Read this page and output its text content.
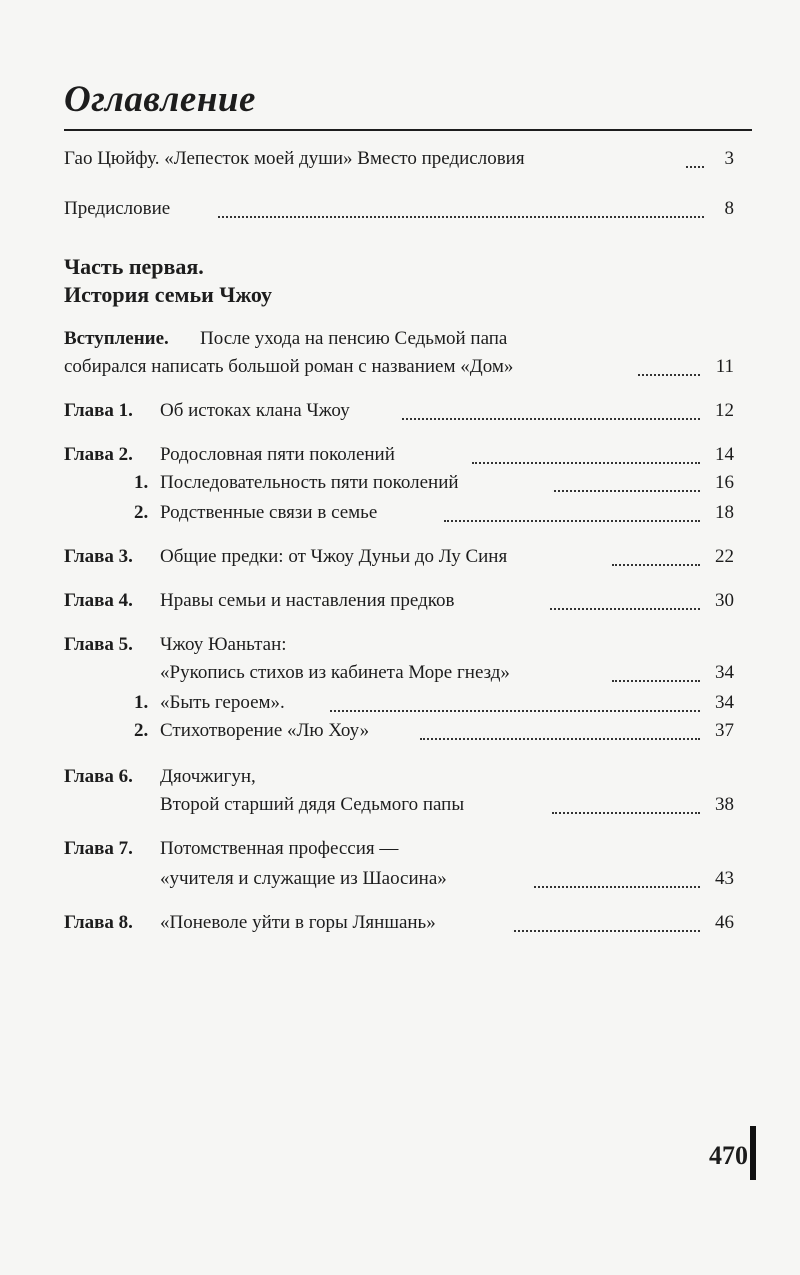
Оглавление
Гао Цюйфу. «Лепесток моей души» Вместо предисловия	3
Предисловие	8
Часть первая.
История семьи Чжоу
Вступление. После ухода на пенсию Седьмой папа
собирался написать большой роман с названием «Дом»	11
Глава 1. Об истоках клана Чжоу	12
Глава 2. Родословная пяти поколений	14
1. Последовательность пяти поколений	16
2. Родственные связи в семье	18
Глава 3. Общие предки: от Чжоу Дуньи до Лу Синя	22
Глава 4. Нравы семьи и наставления предков	30
Глава 5. Чжоу Юаньтан:
«Рукопись стихов из кабинета Море гнезд»	34
1. «Быть героем».	34
2. Стихотворение «Лю Хоу»	37
Глава 6. Дяочжигун,
Второй старший дядя Седьмого папы	38
Глава 7. Потомственная профессия —
«учителя и служащие из Шаосина»	43
Глава 8. «Поневоле уйти в горы Ляншань»	46
470
